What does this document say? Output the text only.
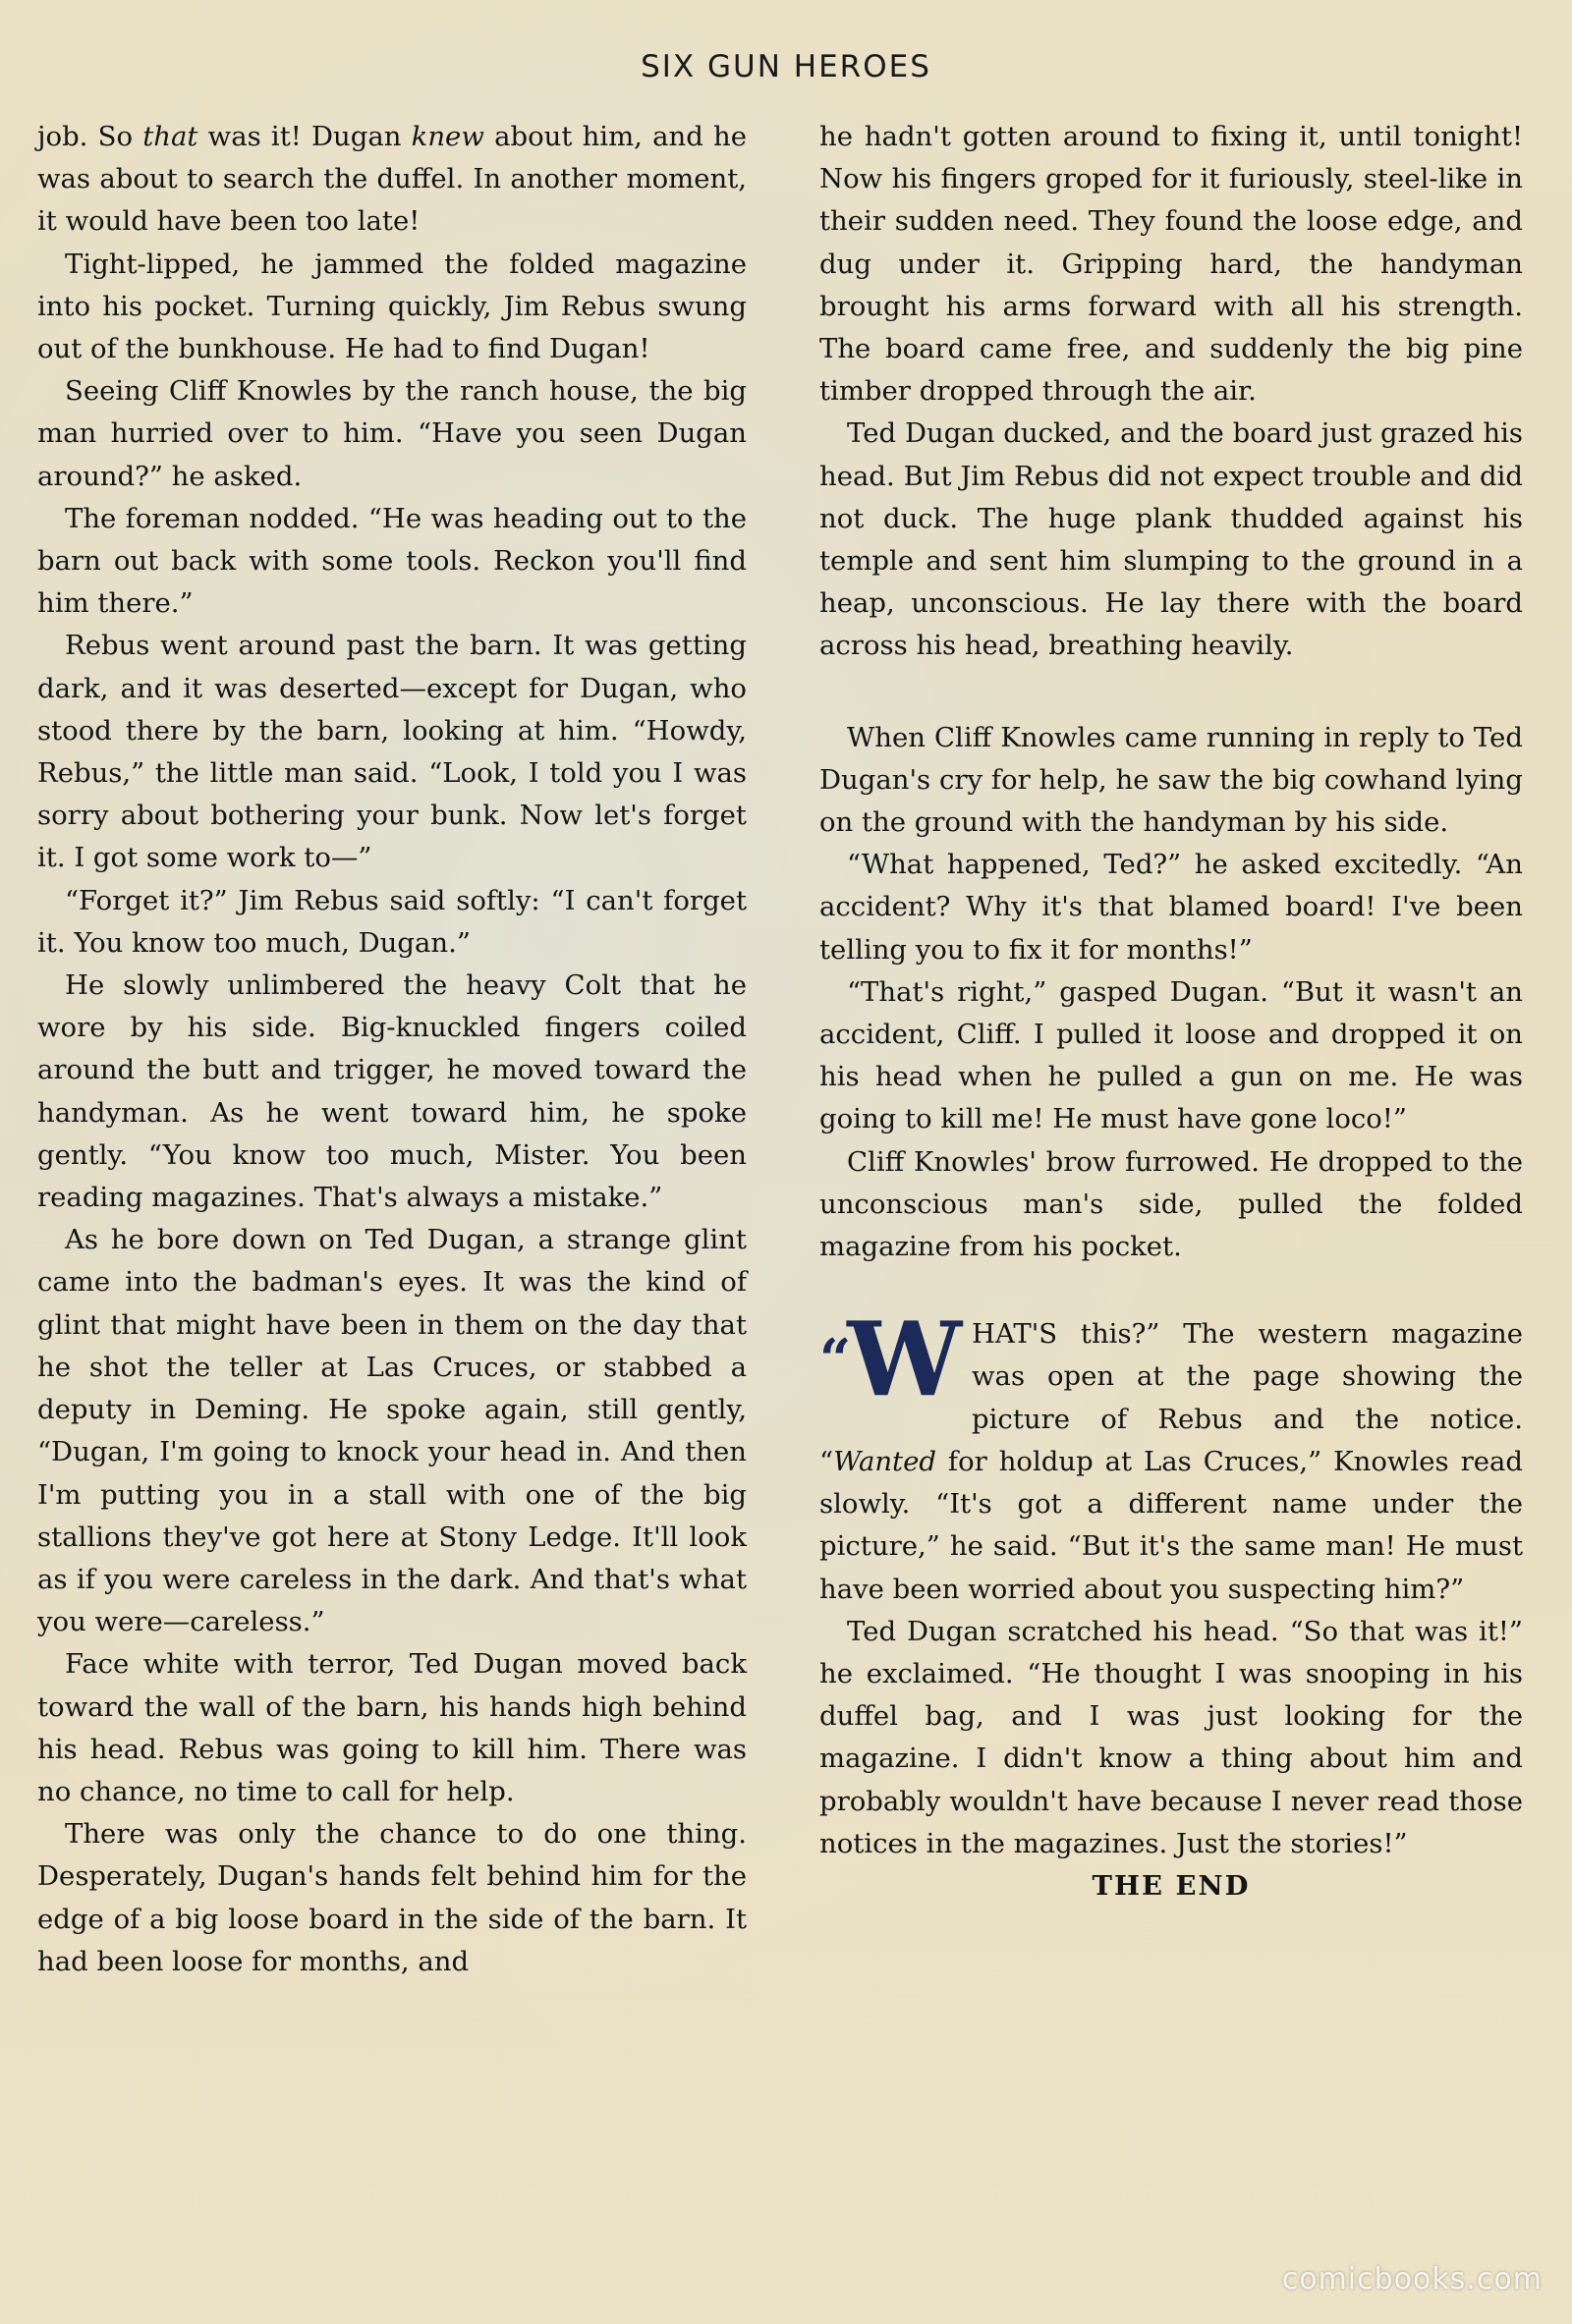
SIX GUN HEROES

job. So that was it! Dugan knew about him, and he was about to search the duffel. In another moment, it would have been too late!

Tight-lipped, he jammed the folded magazine into his pocket. Turning quickly, Jim Rebus swung out of the bunkhouse. He had to find Dugan!

Seeing Cliff Knowles by the ranch house, the big man hurried over to him. “Have you seen Dugan around?” he asked.

The foreman nodded. “He was heading out to the barn out back with some tools. Reckon you'll find him there.”

Rebus went around past the barn. It was getting dark, and it was deserted—except for Dugan, who stood there by the barn, looking at him. “Howdy, Rebus,” the little man said. “Look, I told you I was sorry about bothering your bunk. Now let's forget it. I got some work to—”

“Forget it?” Jim Rebus said softly: “I can't forget it. You know too much, Dugan.”

He slowly unlimbered the heavy Colt that he wore by his side. Big-knuckled fingers coiled around the butt and trigger, he moved toward the handyman. As he went toward him, he spoke gently. “You know too much, Mister. You been reading magazines. That's always a mistake.”

As he bore down on Ted Dugan, a strange glint came into the badman's eyes. It was the kind of glint that might have been in them on the day that he shot the teller at Las Cruces, or stabbed a deputy in Deming. He spoke again, still gently, “Dugan, I'm going to knock your head in. And then I'm putting you in a stall with one of the big stallions they've got here at Stony Ledge. It'll look as if you were careless in the dark. And that's what you were—careless.”

Face white with terror, Ted Dugan moved back toward the wall of the barn, his hands high behind his head. Rebus was going to kill him. There was no chance, no time to call for help.

There was only the chance to do one thing. Desperately, Dugan's hands felt behind him for the edge of a big loose board in the side of the barn. It had been loose for months, and

he hadn't gotten around to fixing it, until tonight! Now his fingers groped for it furiously, steel-like in their sudden need. They found the loose edge, and dug under it. Gripping hard, the handyman brought his arms forward with all his strength. The board came free, and suddenly the big pine timber dropped through the air.

Ted Dugan ducked, and the board just grazed his head. But Jim Rebus did not expect trouble and did not duck. The huge plank thudded against his temple and sent him slumping to the ground in a heap, unconscious. He lay there with the board across his head, breathing heavily.

When Cliff Knowles came running in reply to Ted Dugan's cry for help, he saw the big cowhand lying on the ground with the handyman by his side.

“What happened, Ted?” he asked excitedly. “An accident? Why it's that blamed board! I've been telling you to fix it for months!”

“That's right,” gasped Dugan. “But it wasn't an accident, Cliff. I pulled it loose and dropped it on his head when he pulled a gun on me. He was going to kill me! He must have gone loco!”

Cliff Knowles' brow furrowed. He dropped to the unconscious man's side, pulled the folded magazine from his pocket.

“W HAT'S this?” The western magazine was open at the page showing the picture of Rebus and the notice. “Wanted for holdup at Las Cruces,” Knowles read slowly. “It's got a different name under the picture,” he said. “But it's the same man! He must have been worried about you suspecting him?”

Ted Dugan scratched his head. “So that was it!” he exclaimed. “He thought I was snooping in his duffel bag, and I was just looking for the magazine. I didn't know a thing about him and probably wouldn't have because I never read those notices in the magazines. Just the stories!”

THE END

comicbooks.com
